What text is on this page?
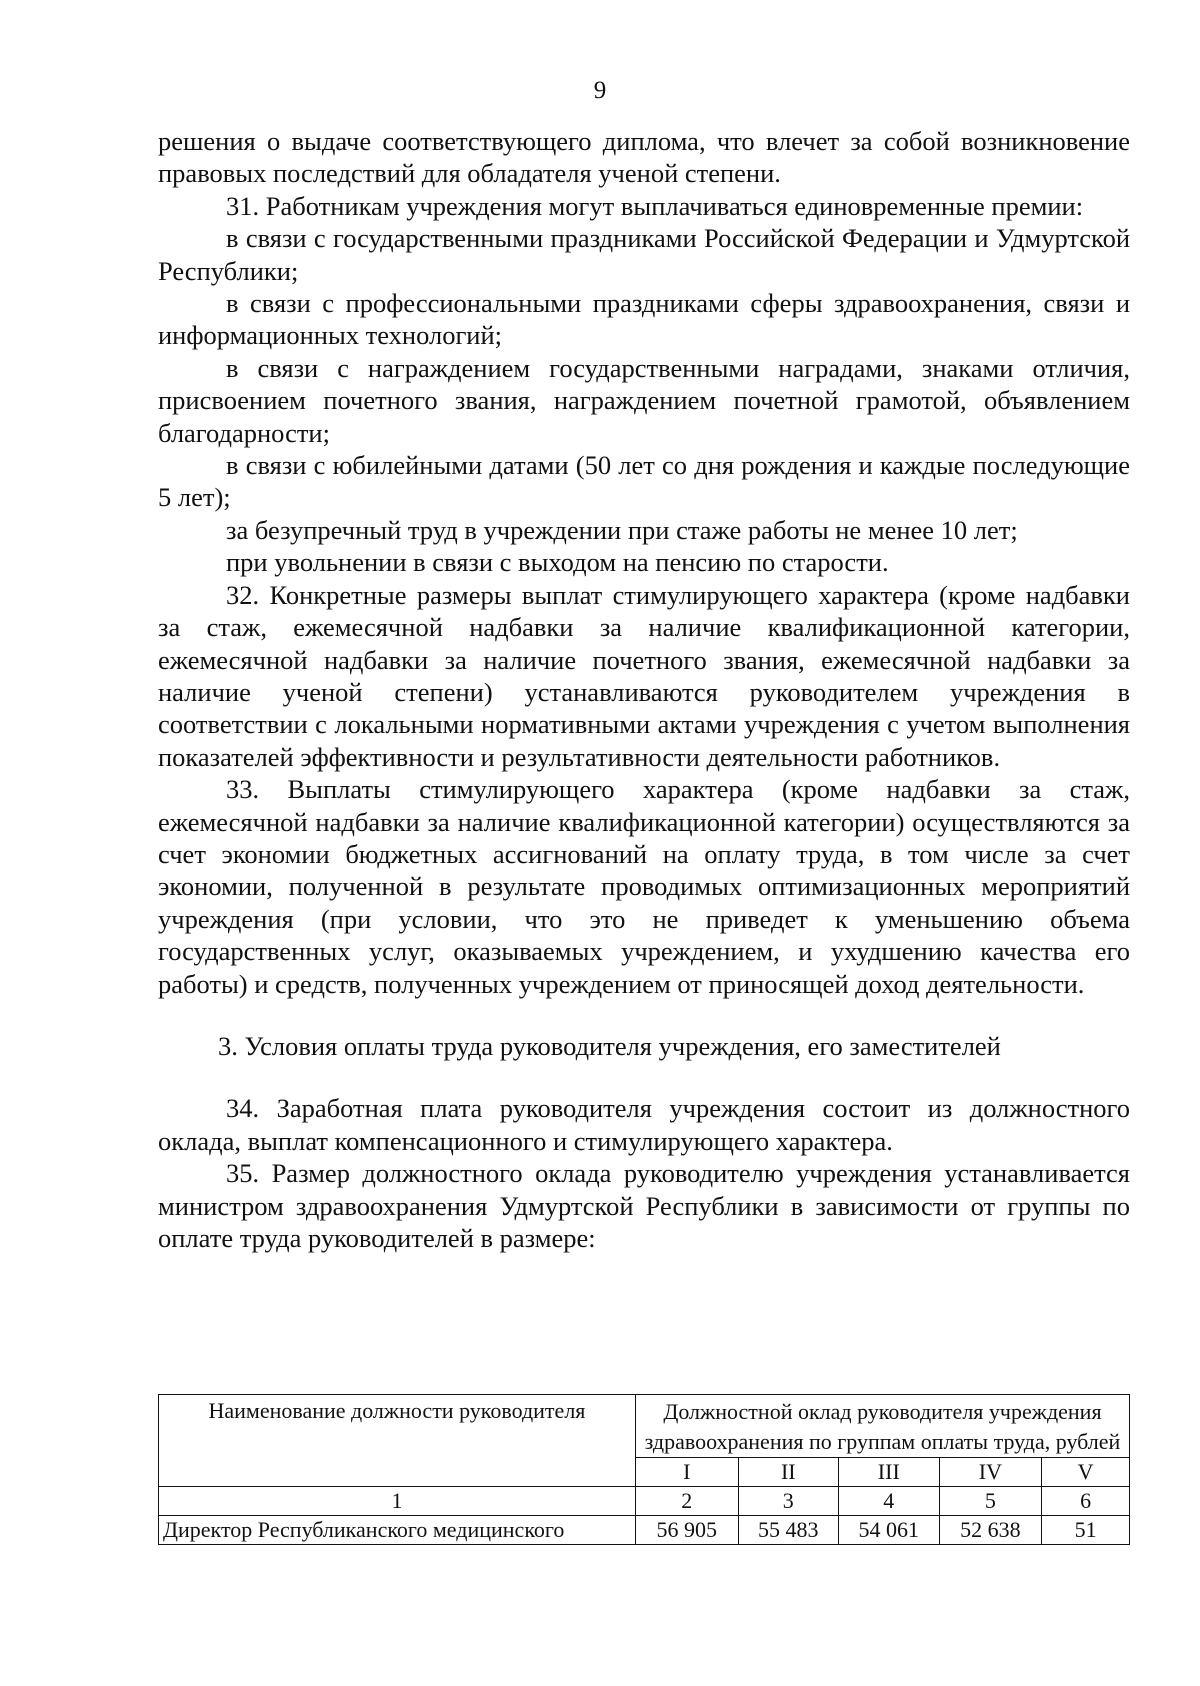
9

решения о выдаче соответствующего диплома, что влечет за собой возникновение правовых последствий для обладателя ученой степени.

31. Работникам учреждения могут выплачиваться единовременные премии:

в связи с государственными праздниками Российской Федерации и Удмуртской Республики;

в связи с профессиональными праздниками сферы здравоохранения, связи и информационных технологий;

в связи с награждением государственными наградами, знаками отличия, присвоением почетного звания, награждением почетной грамотой, объявлением благодарности;

в связи с юбилейными датами (50 лет со дня рождения и каждые последующие 5 лет);

за безупречный труд в учреждении при стаже работы не менее 10 лет;

при увольнении в связи с выходом на пенсию по старости.

32. Конкретные размеры выплат стимулирующего характера (кроме надбавки за стаж, ежемесячной надбавки за наличие квалификационной категории, ежемесячной надбавки за наличие почетного звания, ежемесячной надбавки за наличие ученой степени) устанавливаются руководителем учреждения в соответствии с локальными нормативными актами учреждения с учетом выполнения показателей эффективности и результативности деятельности работников.

33. Выплаты стимулирующего характера (кроме надбавки за стаж, ежемесячной надбавки за наличие квалификационной категории) осуществляются за счет экономии бюджетных ассигнований на оплату труда, в том числе за счет экономии, полученной в результате проводимых оптимизационных мероприятий учреждения (при условии, что это не приведет к уменьшению объема государственных услуг, оказываемых учреждением, и ухудшению качества его работы) и средств, полученных учреждением от приносящей доход деятельности.

3. Условия оплаты труда руководителя учреждения, его заместителей

34. Заработная плата руководителя учреждения состоит из должностного оклада, выплат компенсационного и стимулирующего характера.

35. Размер должностного оклада руководителю учреждения устанавливается министром здравоохранения Удмуртской Республики в зависимости от группы по оплате труда руководителей в размере:

Наименование должности руководителя	Должностной оклад руководителя учреждения здравоохранения по группам оплаты труда, рублей				
	I	II	III	IV	V
1	2	3	4	5	6
Директор Республиканского медицинского	56 905	55 483	54 061	52 638	51
